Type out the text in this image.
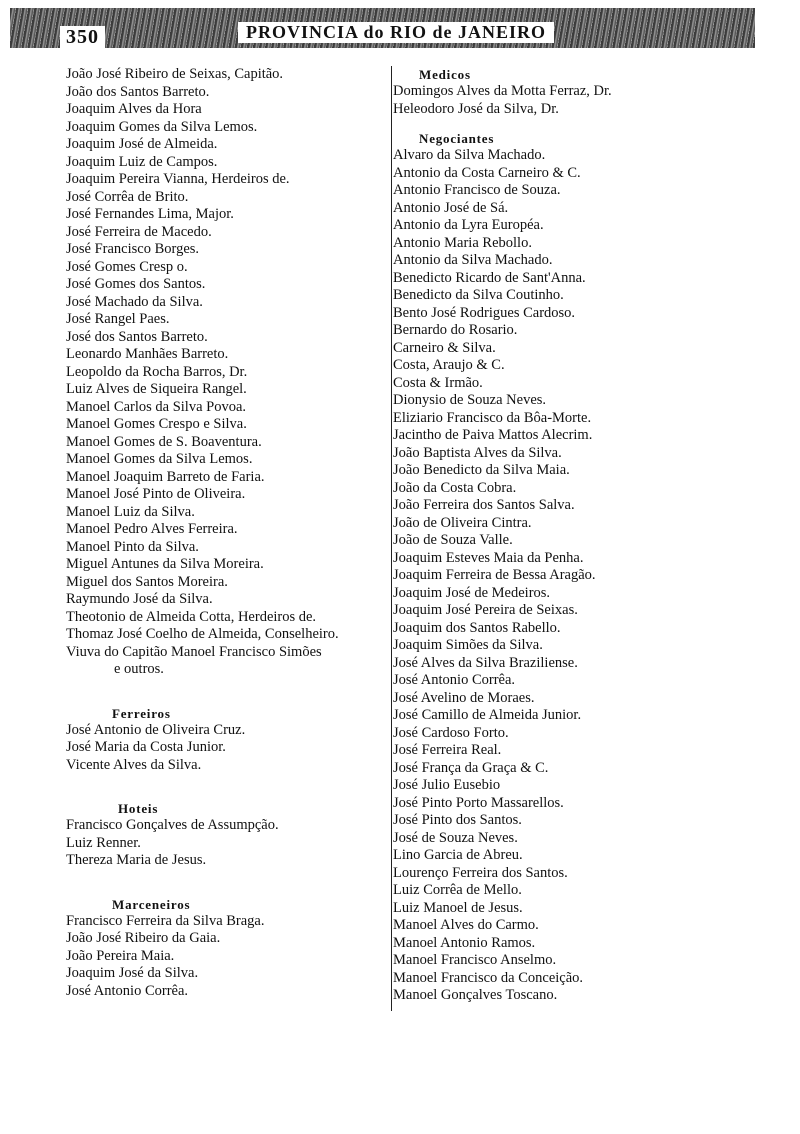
350	PROVINCIA do RIO de JANEIRO
João José Ribeiro de Seixas, Capitão.
João dos Santos Barreto.
Joaquim Alves da Hora
Joaquim Gomes da Silva Lemos.
Joaquim José de Almeida.
Joaquim Luiz de Campos.
Joaquim Pereira Vianna, Herdeiros de.
José Corrêa de Brito.
José Fernandes Lima, Major.
José Ferreira de Macedo.
José Francisco Borges.
José Gomes Cresp o.
José Gomes dos Santos.
José Machado da Silva.
José Rangel Paes.
José dos Santos Barreto.
Leonardo Manhães Barreto.
Leopoldo da Rocha Barros, Dr.
Luiz Alves de Siqueira Rangel.
Manoel Carlos da Silva Povoa.
Manoel Gomes Crespo e Silva.
Manoel Gomes de S. Boaventura.
Manoel Gomes da Silva Lemos.
Manoel Joaquim Barreto de Faria.
Manoel José Pinto de Oliveira.
Manoel Luiz da Silva.
Manoel Pedro Alves Ferreira.
Manoel Pinto da Silva.
Miguel Antunes da Silva Moreira.
Miguel dos Santos Moreira.
Raymundo José da Silva.
Theotonio de Almeida Cotta, Herdeiros de.
Thomaz José Coelho de Almeida, Conselheiro.
Viuva do Capitão Manoel Francisco Simões
e outros.
Ferreiros
José Antonio de Oliveira Cruz.
José Maria da Costa Junior.
Vicente Alves da Silva.
Hoteis
Francisco Gonçalves de Assumpção.
Luiz Renner.
Thereza Maria de Jesus.
Marceneiros
Francisco Ferreira da Silva Braga.
João José Ribeiro da Gaia.
João Pereira Maia.
Joaquim José da Silva.
José Antonio Corrêa.
Medicos
Domingos Alves da Motta Ferraz, Dr.
Heleodoro José da Silva, Dr.
Negociantes
Alvaro da Silva Machado.
Antonio da Costa Carneiro & C.
Antonio Francisco de Souza.
Antonio José de Sá.
Antonio da Lyra Européa.
Antonio Maria Rebollo.
Antonio da Silva Machado.
Benedicto Ricardo de Sant'Anna.
Benedicto da Silva Coutinho.
Bento José Rodrigues Cardoso.
Bernardo do Rosario.
Carneiro & Silva.
Costa, Araujo & C.
Costa & Irmão.
Dionysio de Souza Neves.
Eliziario Francisco da Bôa-Morte.
Jacintho de Paiva Mattos Alecrim.
João Baptista Alves da Silva.
João Benedicto da Silva Maia.
João da Costa Cobra.
João Ferreira dos Santos Salva.
João de Oliveira Cintra.
João de Souza Valle.
Joaquim Esteves Maia da Penha.
Joaquim Ferreira de Bessa Aragão.
Joaquim José de Medeiros.
Joaquim José Pereira de Seixas.
Joaquim dos Santos Rabello.
Joaquim Simões da Silva.
José Alves da Silva Braziliense.
José Antonio Corrêa.
José Avelino de Moraes.
José Camillo de Almeida Junior.
José Cardoso Forto.
José Ferreira Real.
José França da Graça & C.
José Julio Eusebio
José Pinto Porto Massarellos.
José Pinto dos Santos.
José de Souza Neves.
Lino Garcia de Abreu.
Lourenço Ferreira dos Santos.
Luiz Corrêa de Mello.
Luiz Manoel de Jesus.
Manoel Alves do Carmo.
Manoel Antonio Ramos.
Manoel Francisco Anselmo.
Manoel Francisco da Conceição.
Manoel Gonçalves Toscano.
